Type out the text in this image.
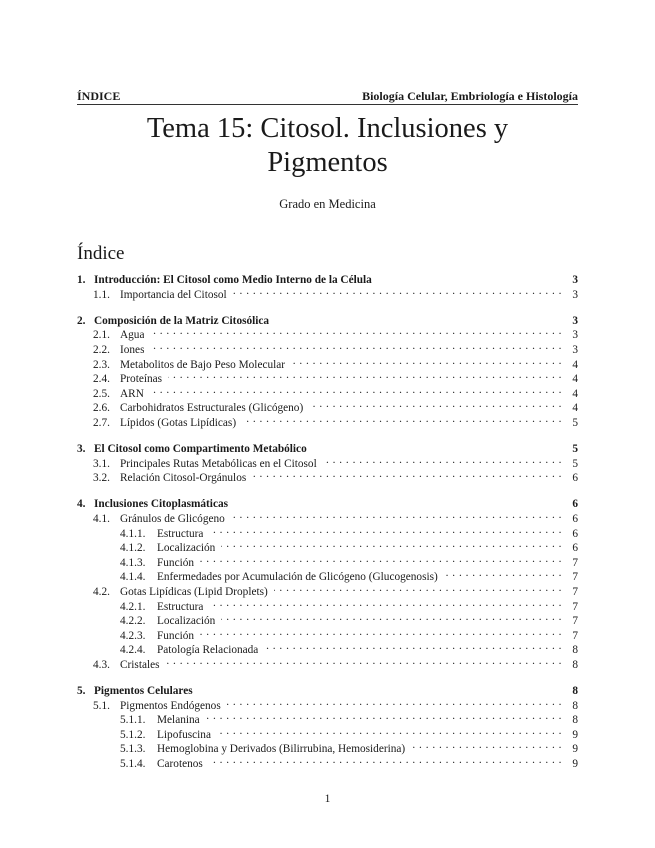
ÍNDICE	Biología Celular, Embriología e Histología
Tema 15: Citosol. Inclusiones y
Pigmentos
Grado en Medicina
Índice
1. Introducción: El Citosol como Medio Interno de la Célula	3
1.1. Importancia del Citosol . . .	3
2. Composición de la Matriz Citosólica	3
2.1. Agua . . .	3
2.2. Iones . . .	3
2.3. Metabolitos de Bajo Peso Molecular . . .	4
2.4. Proteínas . . .	4
2.5. ARN . . .	4
2.6. Carbohidratos Estructurales (Glicógeno) . . .	4
2.7. Lípidos (Gotas Lipídicas) . . .	5
3. El Citosol como Compartimento Metabólico	5
3.1. Principales Rutas Metabólicas en el Citosol . . .	5
3.2. Relación Citosol-Orgánulos . . .	6
4. Inclusiones Citoplasmáticas	6
4.1. Gránulos de Glicógeno . . .	6
4.1.1.	Estructura . . .	6
4.1.2.	Localización . . .	6
4.1.3.	Función . . .	7
4.1.4.	Enfermedades por Acumulación de Glicógeno (Glucogenosis) . . .	7
4.2. Gotas Lipídicas (Lipid Droplets) . . .	7
4.2.1.	Estructura . . .	7
4.2.2.	Localización . . .	7
4.2.3.	Función . . .	7
4.2.4.	Patología Relacionada . . .	8
4.3. Cristales . . .	8
5. Pigmentos Celulares	8
5.1. Pigmentos Endógenos . . .	8
5.1.1.	Melanina . . .	8
5.1.2.	Lipofuscina . . .	9
5.1.3.	Hemoglobina y Derivados (Bilirrubina, Hemosiderina) . . .	9
5.1.4.	Carotenos . . .	9
1
